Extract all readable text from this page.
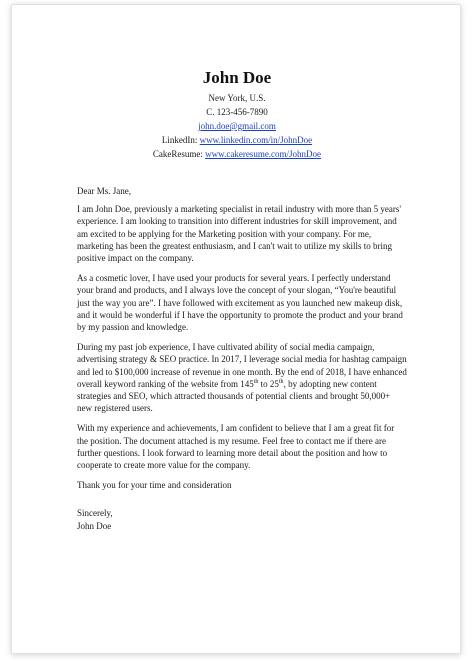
John Doe
New York, U.S.
C. 123-456-7890
john.doe@gmail.com
LinkedIn: www.linkedin.com/in/JohnDoe
CakeResume: www.cakeresume.com/JohnDoe

Dear Ms. Jane,

I am John Doe, previously a marketing specialist in retail industry with more than 5 years' experience. I am looking to transition into different industries for skill improvement, and am excited to be applying for the Marketing position with your company. For me, marketing has been the greatest enthusiasm, and I can't wait to utilize my skills to bring positive impact on the company.

As a cosmetic lover, I have used your products for several years. I perfectly understand your brand and products, and I always love the concept of your slogan, “You're beautiful just the way you are”. I have followed with excitement as you launched new makeup disk, and it would be wonderful if I have the opportunity to promote the product and your brand by my passion and knowledge.

During my past job experience, I have cultivated ability of social media campaign, advertising strategy & SEO practice. In 2017, I leverage social media for hashtag campaign and led to $100,000 increase of revenue in one month. By the end of 2018, I have enhanced overall keyword ranking of the website from 145th to 25th, by adopting new content strategies and SEO, which attracted thousands of potential clients and brought 50,000+ new registered users.

With my experience and achievements, I am confident to believe that I am a great fit for the position. The document attached is my resume. Feel free to contact me if there are further questions. I look forward to learning more detail about the position and how to cooperate to create more value for the company.

Thank you for your time and consideration

Sincerely,

John Doe
